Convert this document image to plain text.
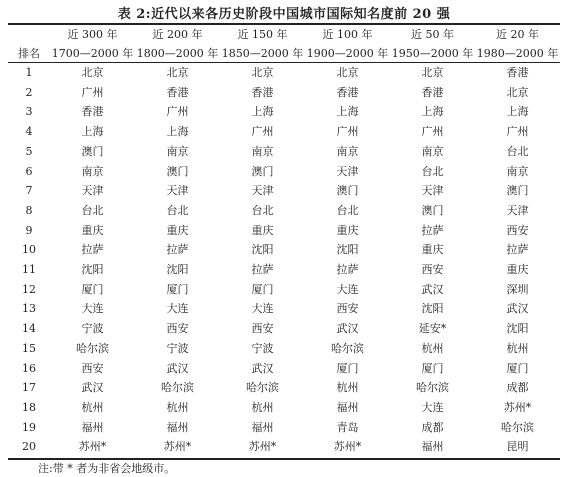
表 2:近代以来各历史阶段中国城市国际知名度前 20 强
	近 300 年	近 200 年	近 150 年	近 100 年	近 50 年	近 20 年
排名	1700—2000 年	1800—2000 年	1850—2000 年	1900—2000 年	1950—2000 年	1980—2000 年
1	北京	北京	北京	北京	北京	香港
2	广州	香港	香港	香港	香港	北京
3	香港	广州	上海	上海	上海	上海
4	上海	上海	广州	广州	广州	广州
5	澳门	南京	南京	南京	南京	台北
6	南京	澳门	澳门	天津	台北	南京
7	天津	天津	天津	澳门	天津	澳门
8	台北	台北	台北	台北	澳门	天津
9	重庆	重庆	重庆	重庆	拉萨	西安
10	拉萨	拉萨	沈阳	沈阳	重庆	拉萨
11	沈阳	沈阳	拉萨	拉萨	西安	重庆
12	厦门	厦门	厦门	大连	武汉	深圳
13	大连	大连	大连	西安	沈阳	武汉
14	宁波	西安	西安	武汉	延安*	沈阳
15	哈尔滨	宁波	宁波	哈尔滨	杭州	杭州
16	西安	武汉	武汉	厦门	厦门	厦门
17	武汉	哈尔滨	哈尔滨	杭州	哈尔滨	成都
18	杭州	杭州	杭州	福州	大连	苏州*
19	福州	福州	福州	青岛	成都	哈尔滨
20	苏州*	苏州*	苏州*	苏州*	福州	昆明
注:带 * 者为非省会地级市。
